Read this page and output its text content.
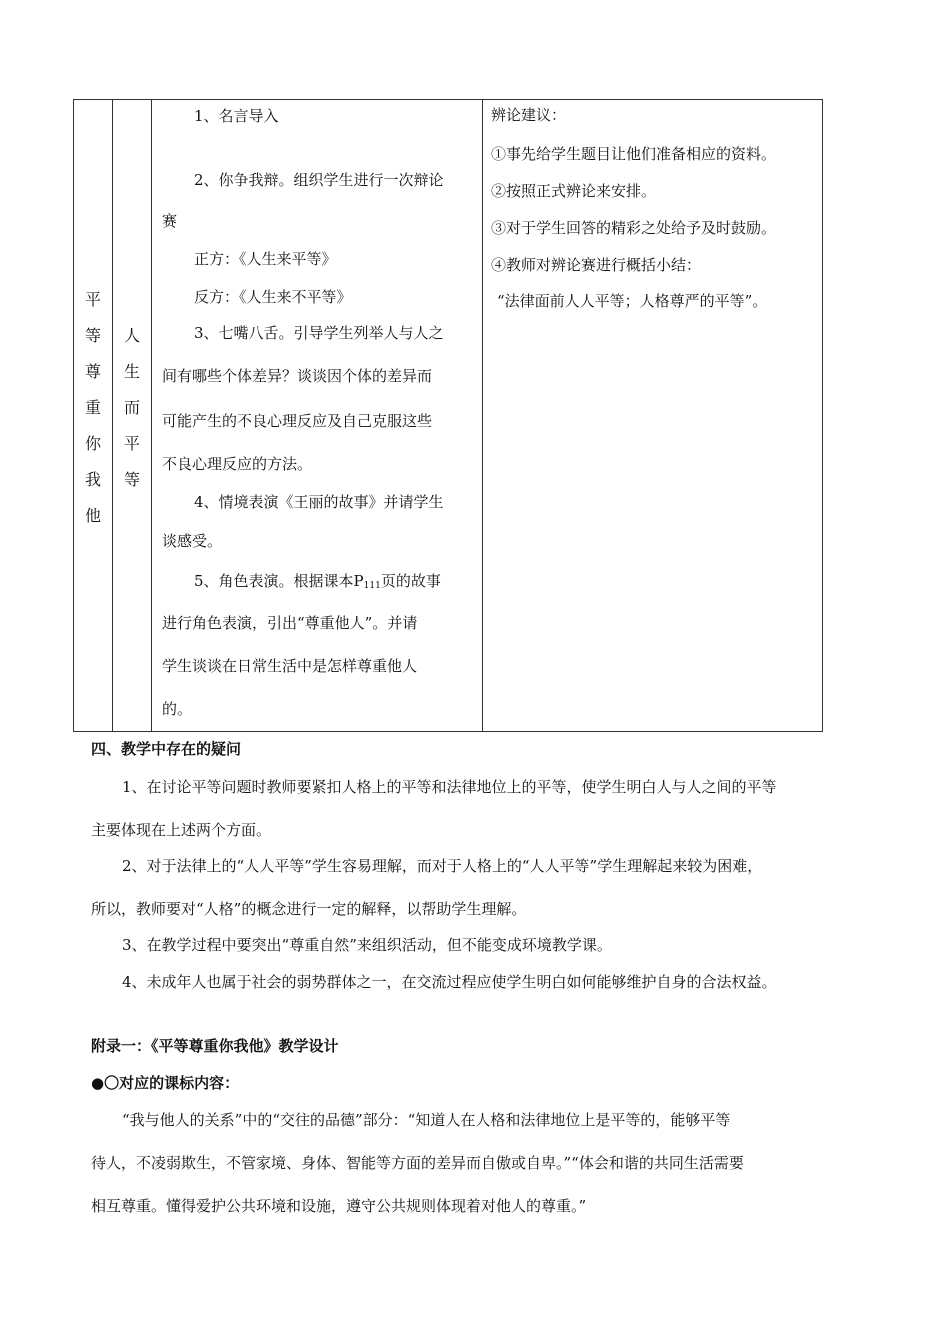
平
等
尊
重
你
我
他
人
生
而
平
等

1、名言导入

2、你争我辩。组织学生进行一次辩论

赛

正方：《人生来平等》

反方：《人生来不平等》

3、七嘴八舌。引导学生列举人与人之

间有哪些个体差异？谈谈因个体的差异而

可能产生的不良心理反应及自己克服这些

不良心理反应的方法。

4、情境表演《王丽的故事》并请学生

谈感受。

5、角色表演。根据课本$P_{111}$页的故事

进行角色表演，引出“尊重他人”。并请

学生谈谈在日常生活中是怎样尊重他人

的。

辨论建议：

①事先给学生题目让他们准备相应的资料。

②按照正式辨论来安排。

③对于学生回答的精彩之处给予及时鼓励。

④教师对辨论赛进行概括小结：

“法律面前人人平等；人格尊严的平等”。

四、教学中存在的疑问

1、在讨论平等问题时教师要紧扣人格上的平等和法律地位上的平等，使学生明白人与人之间的平等

主要体现在上述两个方面。

2、对于法律上的“人人平等”学生容易理解，而对于人格上的“人人平等”学生理解起来较为困难，

所以，教师要对“人格”的概念进行一定的解释，以帮助学生理解。

3、在教学过程中要突出“尊重自然”来组织活动，但不能变成环境教学课。

4、未成年人也属于社会的弱势群体之一，在交流过程应使学生明白如何能够维护自身的合法权益。

附录一：《平等尊重你我他》教学设计

●〇对应的课标内容：

“我与他人的关系”中的“交往的品德”部分：“知道人在人格和法律地位上是平等的，能够平等

待人，不凌弱欺生，不管家境、身体、智能等方面的差异而自傲或自卑。”“体会和谐的共同生活需要

相互尊重。懂得爱护公共环境和设施，遵守公共规则体现着对他人的尊重。”
